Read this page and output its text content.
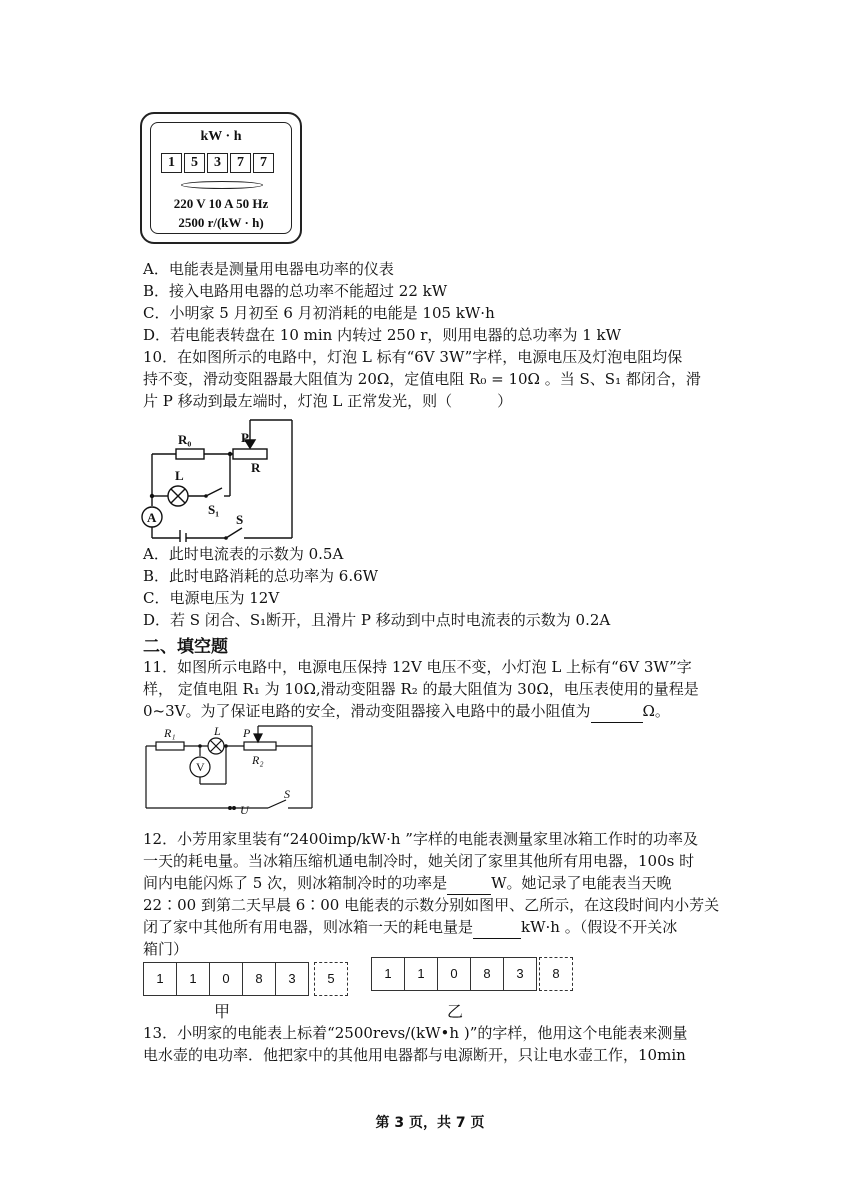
kW · h
1	5	3	7	7
220 V 10 A 50 Hz
2500 r/(kW · h)
A．电能表是测量用电器电功率的仪表
B．接入电路用电器的总功率不能超过 22 kW
C．小明家 5 月初至 6 月初消耗的电能是 105 kW·h
D．若电能表转盘在 10 min 内转过 250 r，则用电器的总功率为 1 kW
10．在如图所示的电路中，灯泡 L 标有“6V 3W”字样，电源电压及灯泡电阻均保
持不变，滑动变阻器最大阻值为 20Ω，定值电阻 R₀ = 10Ω 。当 S、S₁ 都闭合，滑
片 P 移动到最左端时，灯泡 L 正常发光，则（　　　）
R₀	P
R
L
A
S₁
S
A．此时电流表的示数为 0.5A
B．此时电路消耗的总功率为 6.6W
C．电源电压为 12V
D．若 S 闭合、S₁断开，且滑片 P 移动到中点时电流表的示数为 0.2A
二、填空题
11．如图所示电路中，电源电压保持 12V 电压不变，小灯泡 L 上标有“6V 3W”字
样， 定值电阻 R₁ 为 10Ω,滑动变阻器 R₂ 的最大阻值为 30Ω，电压表使用的量程是
0~3V。为了保证电路的安全，滑动变阻器接入电路中的最小阻值为	Ω。
R₁	L P
R₂
V
U
S
12．小芳用家里装有“2400imp/kW·h ”字样的电能表测量家里冰箱工作时的功率及
一天的耗电量。当冰箱压缩机通电制冷时，她关闭了家里其他所有用电器，100s 时
间内电能闪烁了 5 次，则冰箱制冷时的功率是	W。她记录了电能表当天晚
22∶00 到第二天早晨 6∶00 电能表的示数分别如图甲、乙所示，在这段时间内小芳关
闭了家中其他所有用电器，则冰箱一天的耗电量是	kW·h 。（假设不开关冰
箱门）
1	1	0	8	3	5
甲
1	1	0	8	3	8
乙
13．小明家的电能表上标着“2500revs/(kW•h )”的字样，他用这个电能表来测量
电水壶的电功率．他把家中的其他用电器都与电源断开，只让电水壶工作，10min
第 3 页，共 7 页
